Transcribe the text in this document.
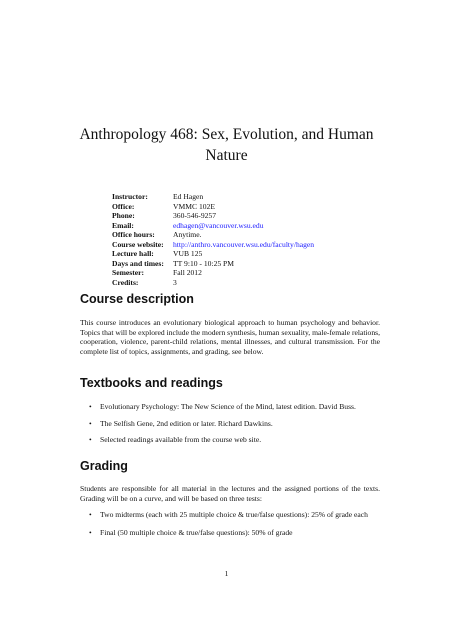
Anthropology 468: Sex, Evolution, and Human Nature
Instructor:	Ed Hagen
Office:	VMMC 102E
Phone:	360-546-9257
Email:	edhagen@vancouver.wsu.edu
Office hours:	Anytime.
Course website:	http://anthro.vancouver.wsu.edu/faculty/hagen
Lecture hall:	VUB 125
Days and times:	TT 9:10 - 10:25 PM
Semester:	Fall 2012
Credits:	3
Course description

This course introduces an evolutionary biological approach to human psychology and behavior. Topics that will be explored include the modern synthesis, human sexuality, male-female relations, cooperation, violence, parent-child relations, mental illnesses, and cultural transmission. For the complete list of topics, assignments, and grading, see below.

Textbooks and readings
• Evolutionary Psychology: The New Science of the Mind, latest edition. David Buss.
• The Selfish Gene, 2nd edition or later. Richard Dawkins.
• Selected readings available from the course web site.
Grading

Students are responsible for all material in the lectures and the assigned portions of the texts. Grading will be on a curve, and will be based on three tests:

• Two midterms (each with 25 multiple choice & true/false questions): 25% of grade each
• Final (50 multiple choice & true/false questions): 50% of grade
1
